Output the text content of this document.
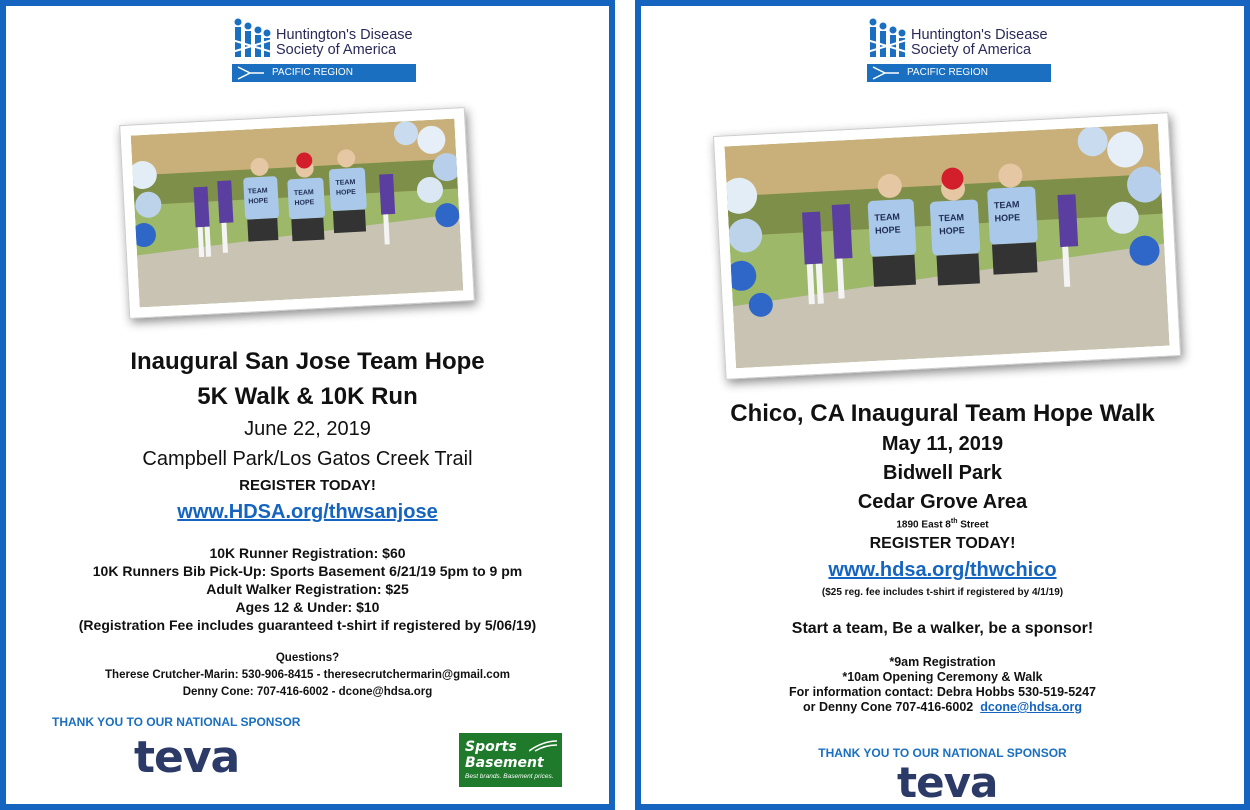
Huntington's Disease
Society of America
PACIFIC REGION
TEAM	TEAM
TEAM
HOPE	HOPE
HOPE
Inaugural San Jose Team Hope
5K Walk & 10K Run
June 22, 2019
Campbell Park/Los Gatos Creek Trail
REGISTER TODAY!
www.HDSA.org/thwsanjose
10K Runner Registration: $60
10K Runners Bib Pick-Up: Sports Basement 6/21/19 5pm to 9 pm
Adult Walker Registration: $25
Ages 12 & Under: $10
(Registration Fee includes guaranteed t-shirt if registered by 5/06/19)
Questions?
Therese Crutcher-Marin: 530-906-8415 - theresecrutchermarin@gmail.com
Denny Cone: 707-416-6002 - dcone@hdsa.org
THANK YOU TO OUR NATIONAL SPONSOR
teva	Sports
Basement
Best brands. Basement prices.
Huntington's Disease
Society of America
PACIFIC REGION
TEAM	TEAM
TEAM
HOPE	HOPE
HOPE
Chico, CA Inaugural Team Hope Walk
May 11, 2019
Bidwell Park
Cedar Grove Area
1890 East 8th Street
REGISTER TODAY!
www.hdsa.org/thwchico
($25 reg. fee includes t-shirt if registered by 4/1/19)
Start a team, Be a walker, be a sponsor!
*9am Registration
*10am Opening Ceremony & Walk
For information contact: Debra Hobbs 530-519-5247
or Denny Cone 707-416-6002  dcone@hdsa.org
THANK YOU TO OUR NATIONAL SPONSOR
teva
